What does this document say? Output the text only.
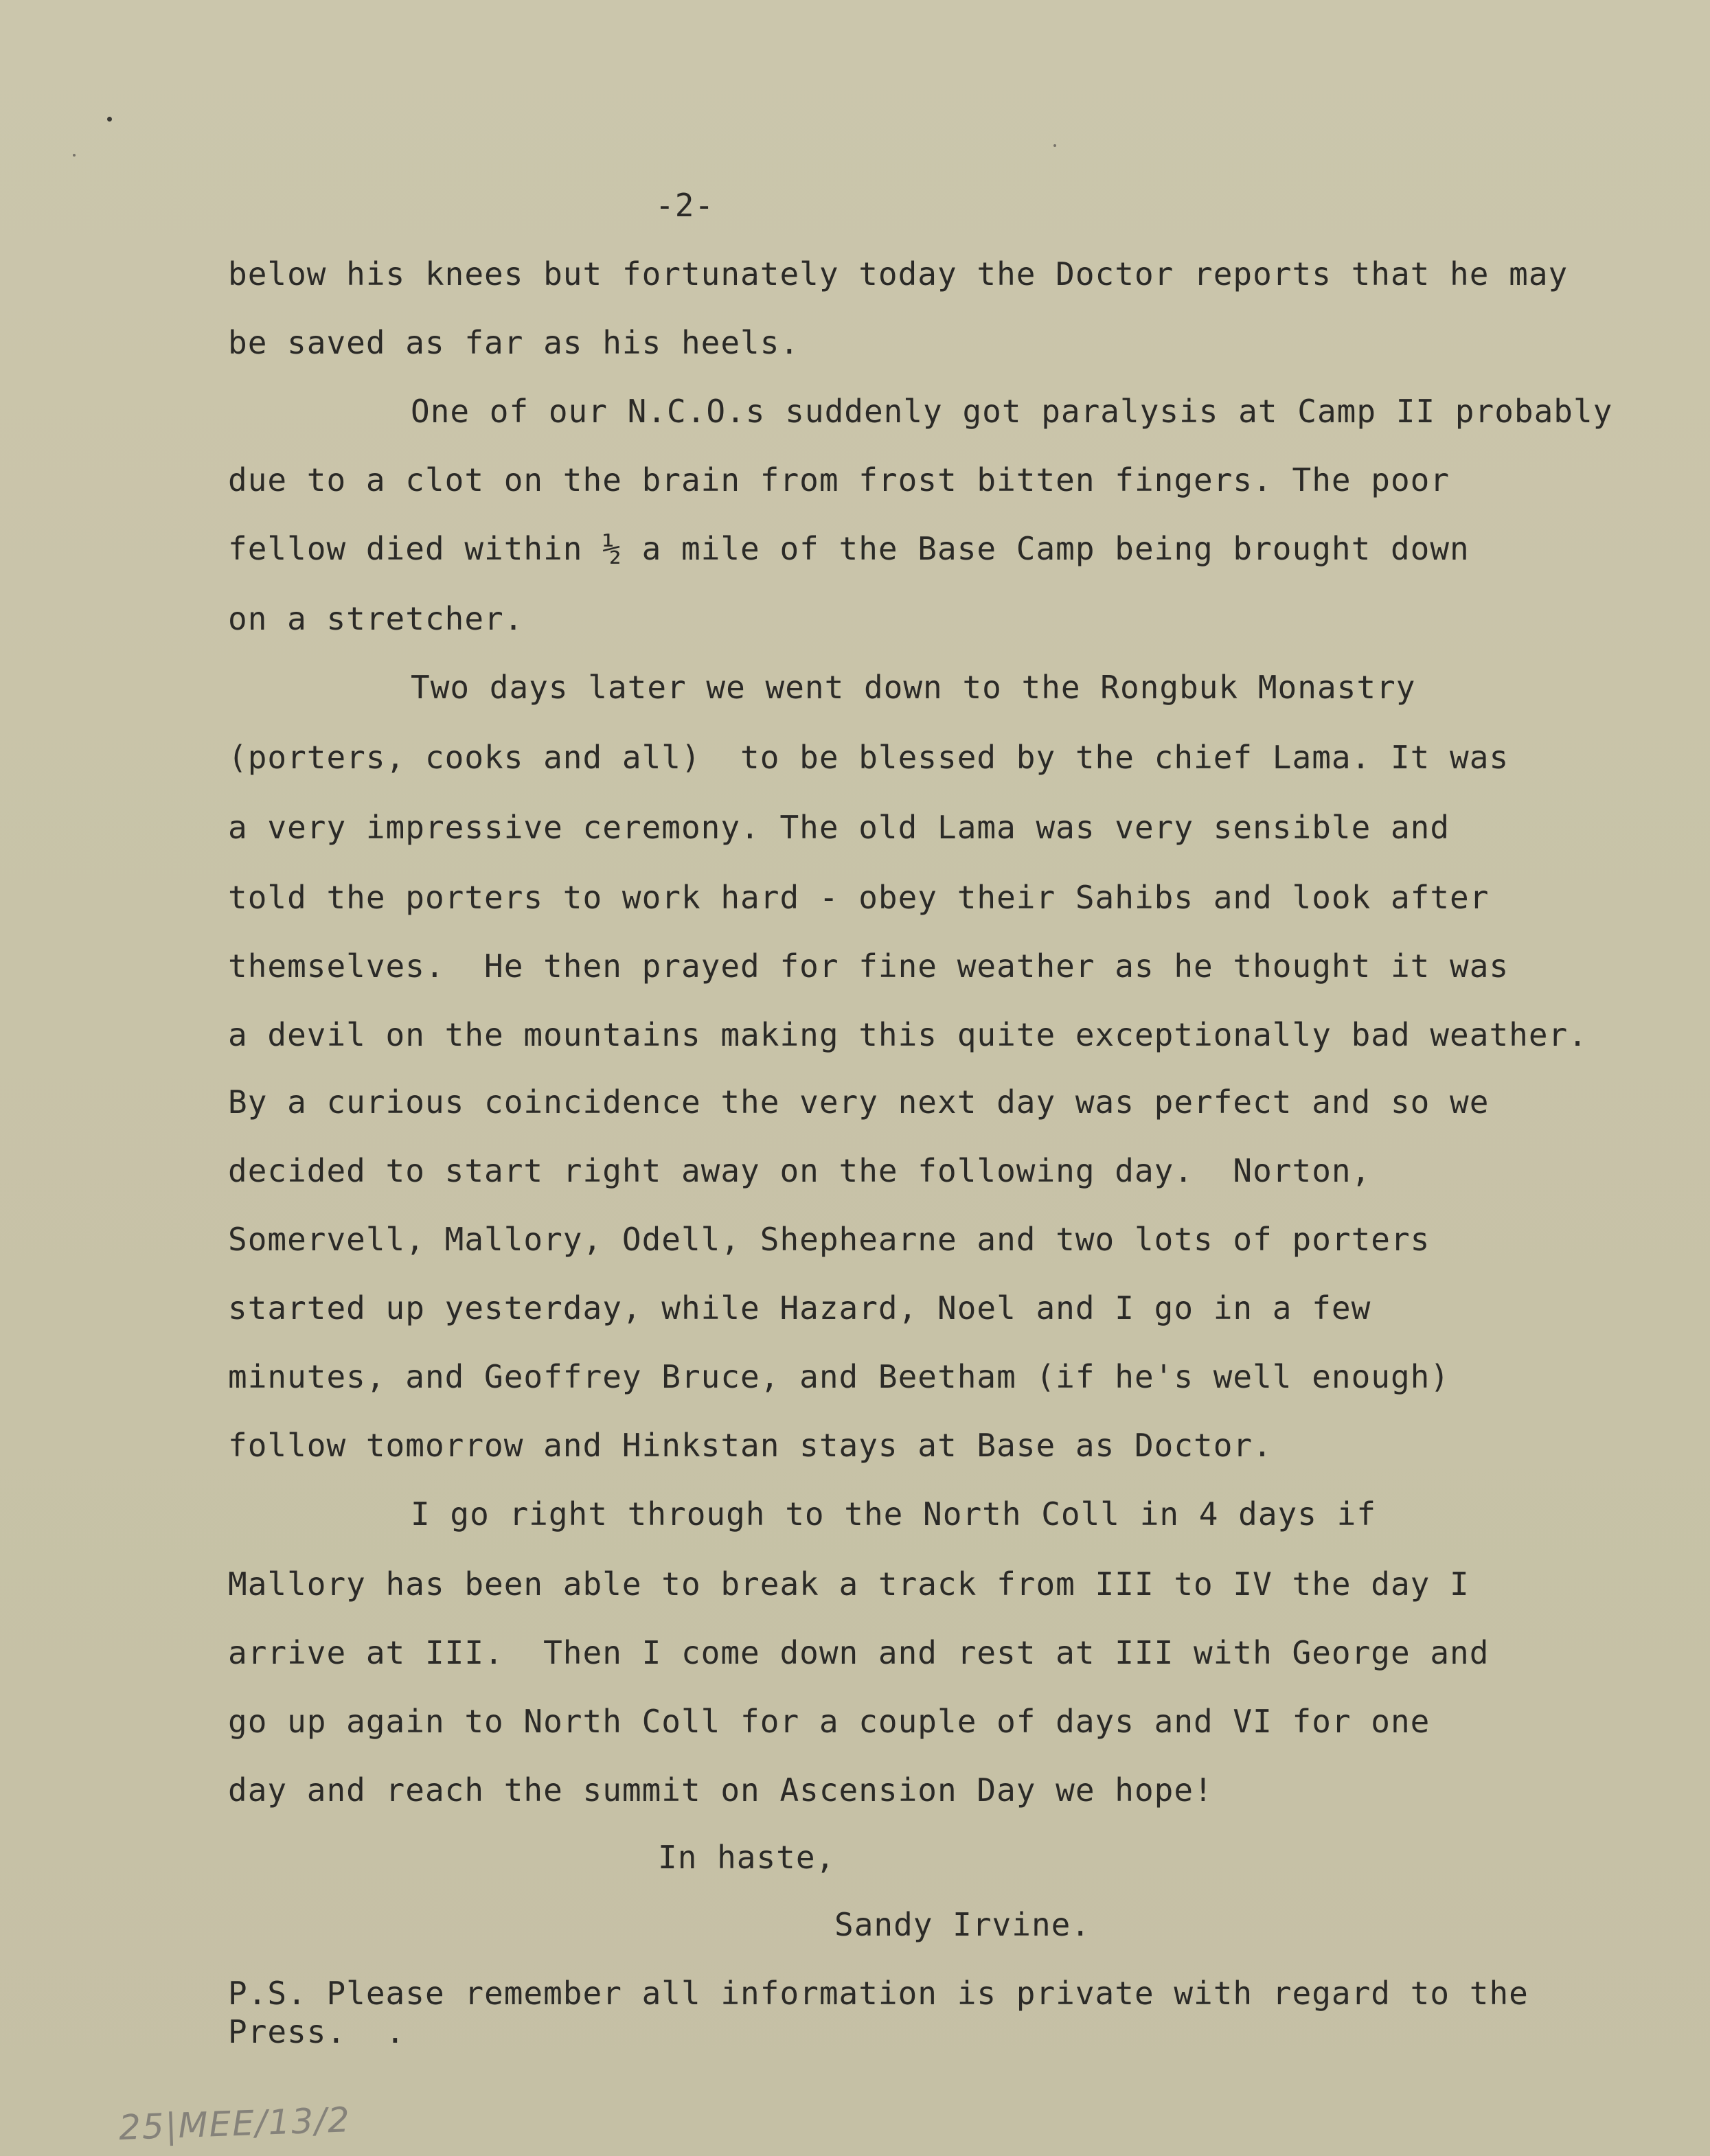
-2-

below his knees but fortunately today the Doctor reports that he may

be saved as far as his heels.

One of our N.C.O.s suddenly got paralysis at Camp II probably

due to a clot on the brain from frost bitten fingers. The poor

fellow died within ½ a mile of the Base Camp being brought down

on a stretcher.

Two days later we went down to the Rongbuk Monastry

(porters, cooks and all)  to be blessed by the chief Lama. It was

a very impressive ceremony. The old Lama was very sensible and

told the porters to work hard - obey their Sahibs and look after

themselves.  He then prayed for fine weather as he thought it was

a devil on the mountains making this quite exceptionally bad weather.

By a curious coincidence the very next day was perfect and so we

decided to start right away on the following day.  Norton,

Somervell, Mallory, Odell, Shephearne and two lots of porters

started up yesterday, while Hazard, Noel and I go in a few

minutes, and Geoffrey Bruce, and Beetham (if he's well enough)

follow tomorrow and Hinkstan stays at Base as Doctor.

I go right through to the North Coll in 4 days if

Mallory has been able to break a track from III to IV the day I

arrive at III.  Then I come down and rest at III with George and

go up again to North Coll for a couple of days and VI for one

day and reach the summit on Ascension Day we hope!

In haste,

Sandy Irvine.

P.S. Please remember all information is private with regard to the

Press.  .

25|MEE/13/2
